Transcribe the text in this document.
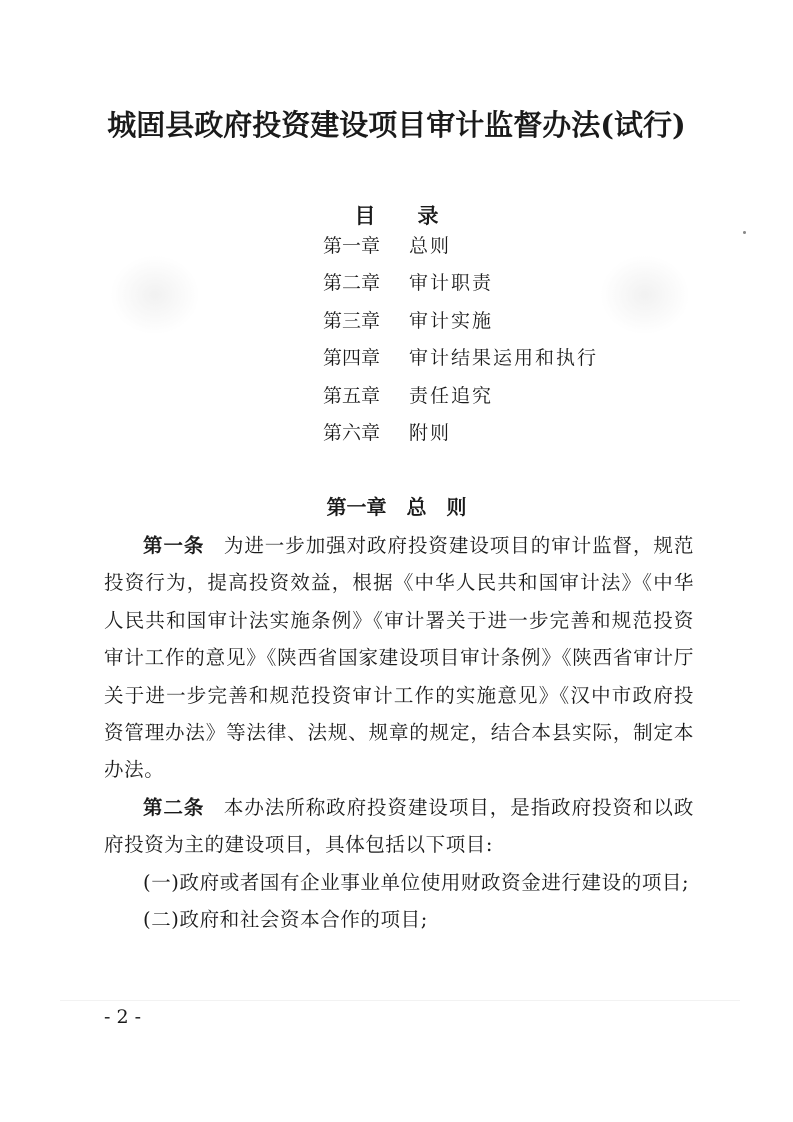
城固县政府投资建设项目审计监督办法(试行)
目　　录
第一章	总则
第二章	审计职责
第三章	审计实施
第四章	审计结果运用和执行
第五章	责任追究
第六章	附则
第一章　总　则

第一条 为进一步加强对政府投资建设项目的审计监督，规范投资行为，提高投资效益，根据《中华人民共和国审计法》《中华人民共和国审计法实施条例》《审计署关于进一步完善和规范投资审计工作的意见》《陕西省国家建设项目审计条例》《陕西省审计厅关于进一步完善和规范投资审计工作的实施意见》《汉中市政府投资管理办法》等法律、法规、规章的规定，结合本县实际，制定本办法。

第二条 本办法所称政府投资建设项目，是指政府投资和以政府投资为主的建设项目，具体包括以下项目:

(一)政府或者国有企业事业单位使用财政资金进行建设的项目;

(二)政府和社会资本合作的项目;

- 2 -
